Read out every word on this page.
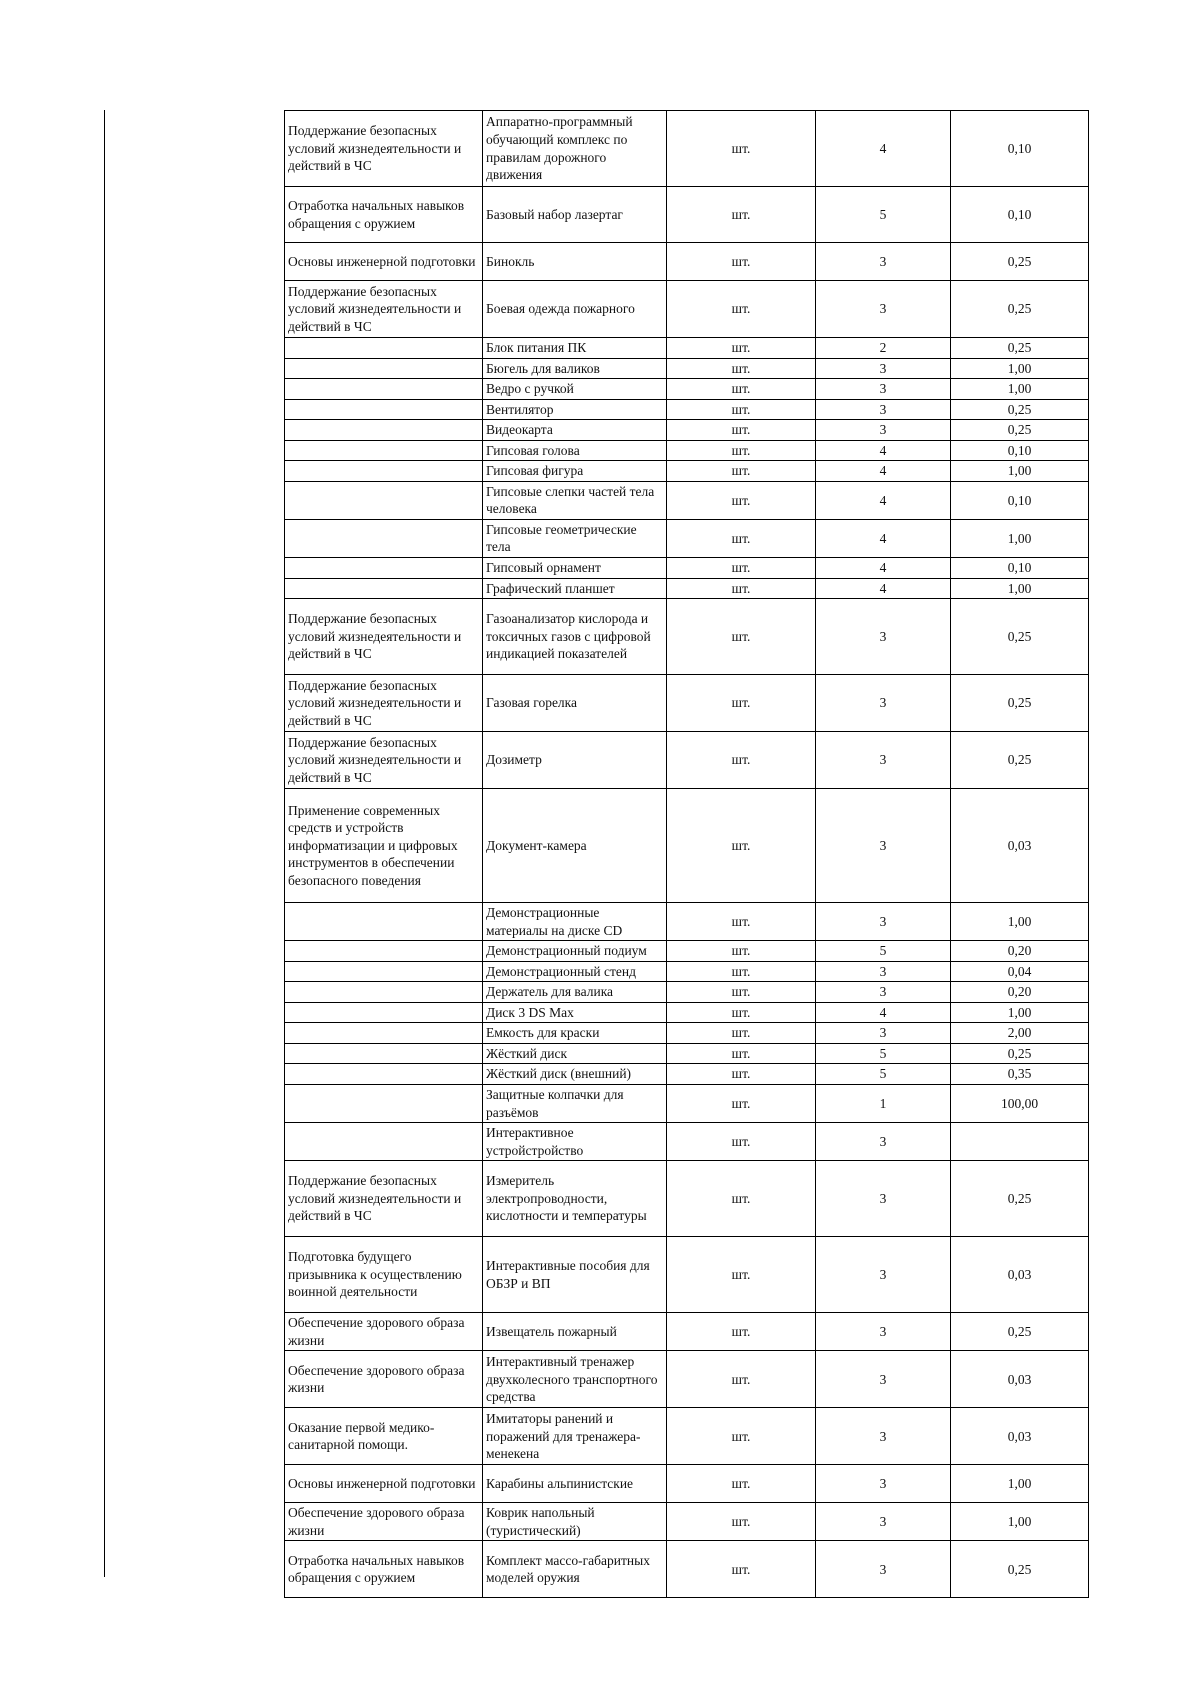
Поддержание безопасных условий жизнедеятельности и действий в ЧС	Аппаратно-программный обучающий комплекс по правилам дорожного движения	шт.	4	0,10
Отработка начальных навыков обращения с оружием	Базовый набор лазертаг	шт.	5	0,10
Основы инженерной подготовки	Бинокль	шт.	3	0,25
Поддержание безопасных условий жизнедеятельности и действий в ЧС	Боевая одежда пожарного	шт.	3	0,25
	Блок питания ПК	шт.	2	0,25
	Бюгель для валиков	шт.	3	1,00
	Ведро с ручкой	шт.	3	1,00
	Вентилятор	шт.	3	0,25
	Видеокарта	шт.	3	0,25
	Гипсовая голова	шт.	4	0,10
	Гипсовая фигура	шт.	4	1,00
	Гипсовые слепки частей тела человека	шт.	4	0,10
	Гипсовые геометрические тела	шт.	4	1,00
	Гипсовый орнамент	шт.	4	0,10
	Графический планшет	шт.	4	1,00
Поддержание безопасных условий жизнедеятельности и действий в ЧС	Газоанализатор кислорода и токсичных газов с цифровой индикацией показателей	шт.	3	0,25
Поддержание безопасных условий жизнедеятельности и действий в ЧС	Газовая горелка	шт.	3	0,25
Поддержание безопасных условий жизнедеятельности и действий в ЧС	Дозиметр	шт.	3	0,25
Применение современных средств и устройств информатизации и цифровых инструментов в обеспечении безопасного поведения	Документ-камера	шт.	3	0,03
	Демонстрационные материалы на диске CD	шт.	3	1,00
	Демонстрационный подиум	шт.	5	0,20
	Демонстрационный стенд	шт.	3	0,04
	Держатель для валика	шт.	3	0,20
	Диск 3 DS Max	шт.	4	1,00
	Емкость для краски	шт.	3	2,00
	Жёсткий диск	шт.	5	0,25
	Жёсткий диск (внешний)	шт.	5	0,35
	Защитные колпачки для разъёмов	шт.	1	100,00
	Интерактивное устройстройство	шт.	3	
Поддержание безопасных условий жизнедеятельности и действий в ЧС	Измеритель электропроводности, кислотности и температуры	шт.	3	0,25
Подготовка будущего призывника к осуществлению воинной деятельности	Интерактивные пособия для ОБЗР и ВП	шт.	3	0,03
Обеспечение здорового образа жизни	Извещатель пожарный	шт.	3	0,25
Обеспечение здорового образа жизни	Интерактивный тренажер двухколесного транспортного средства	шт.	3	0,03
Оказание первой медико-санитарной помощи.	Имитаторы ранений и поражений для тренажера-менекена	шт.	3	0,03
Основы инженерной подготовки	Карабины альпинистские	шт.	3	1,00
Обеспечение здорового образа жизни	Коврик напольный (туристический)	шт.	3	1,00
Отработка начальных навыков обращения с оружием	Комплект массо-габаритных моделей оружия	шт.	3	0,25
